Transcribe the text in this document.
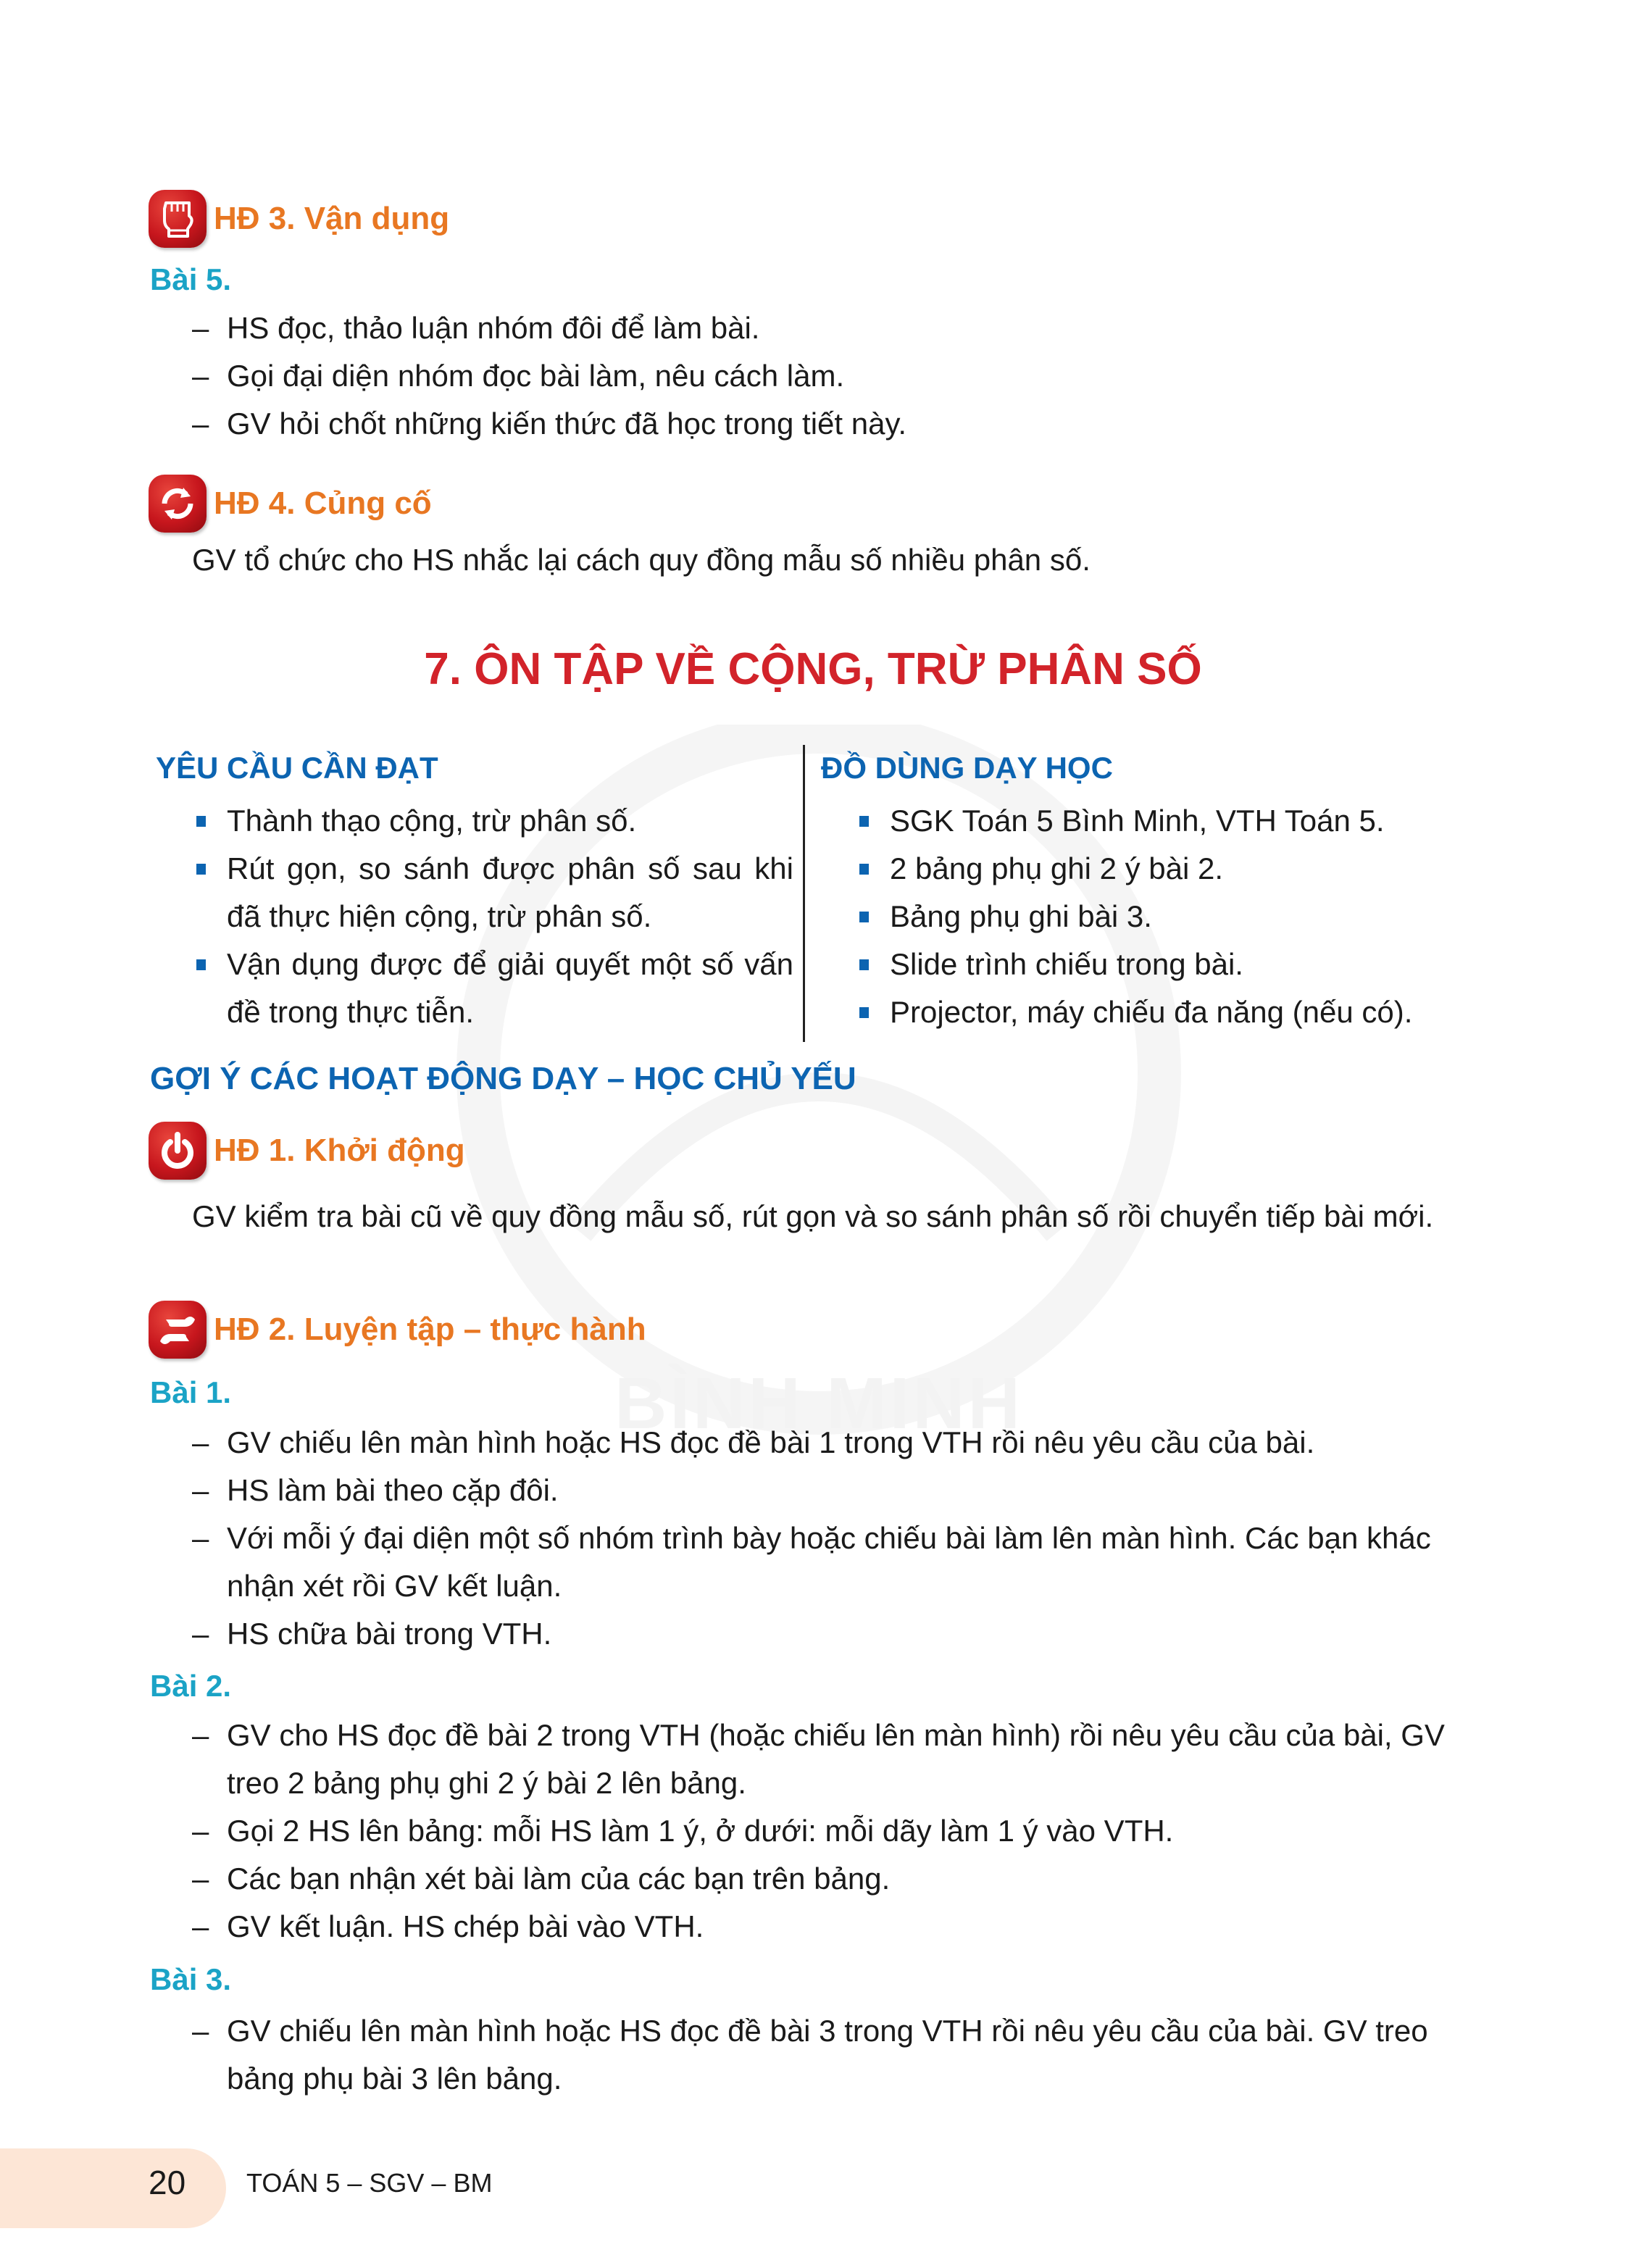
BÌNH MINH
HĐ 3. Vận dụng
Bài 5.
– HS đọc, thảo luận nhóm đôi để làm bài.
– Gọi đại diện nhóm đọc bài làm, nêu cách làm.
– GV hỏi chốt những kiến thức đã học trong tiết này.
HĐ 4. Củng cố
GV tổ chức cho HS nhắc lại cách quy đồng mẫu số nhiều phân số.
7. ÔN TẬP VỀ CỘNG, TRỪ PHÂN SỐ
YÊU CẦU CẦN ĐẠT
Thành thạo cộng, trừ phân số.
Rút gọn, so sánh được phân số sau khi đã thực hiện cộng, trừ phân số.
Vận dụng được để giải quyết một số vấn đề trong thực tiễn.
ĐỒ DÙNG DẠY HỌC
SGK Toán 5 Bình Minh, VTH Toán 5.
2 bảng phụ ghi 2 ý bài 2.
Bảng phụ ghi bài 3.
Slide trình chiếu trong bài.
Projector, máy chiếu đa năng (nếu có).
GỢI Ý CÁC HOẠT ĐỘNG DẠY – HỌC CHỦ YẾU
HĐ 1. Khởi động
GV kiểm tra bài cũ về quy đồng mẫu số, rút gọn và so sánh phân số rồi chuyển tiếp bài mới.
HĐ 2. Luyện tập – thực hành
Bài 1.
– GV chiếu lên màn hình hoặc HS đọc đề bài 1 trong VTH rồi nêu yêu cầu của bài.
– HS làm bài theo cặp đôi.
– Với mỗi ý đại diện một số nhóm trình bày hoặc chiếu bài làm lên màn hình. Các bạn khác nhận xét rồi GV kết luận.
– HS chữa bài trong VTH.
Bài 2.
– GV cho HS đọc đề bài 2 trong VTH (hoặc chiếu lên màn hình) rồi nêu yêu cầu của bài, GV treo 2 bảng phụ ghi 2 ý bài 2 lên bảng.
– Gọi 2 HS lên bảng: mỗi HS làm 1 ý, ở dưới: mỗi dãy làm 1 ý vào VTH.
– Các bạn nhận xét bài làm của các bạn trên bảng.
– GV kết luận. HS chép bài vào VTH.
Bài 3.
– GV chiếu lên màn hình hoặc HS đọc đề bài 3 trong VTH rồi nêu yêu cầu của bài. GV treo bảng phụ bài 3 lên bảng.
20 TOÁN 5 – SGV – BM
